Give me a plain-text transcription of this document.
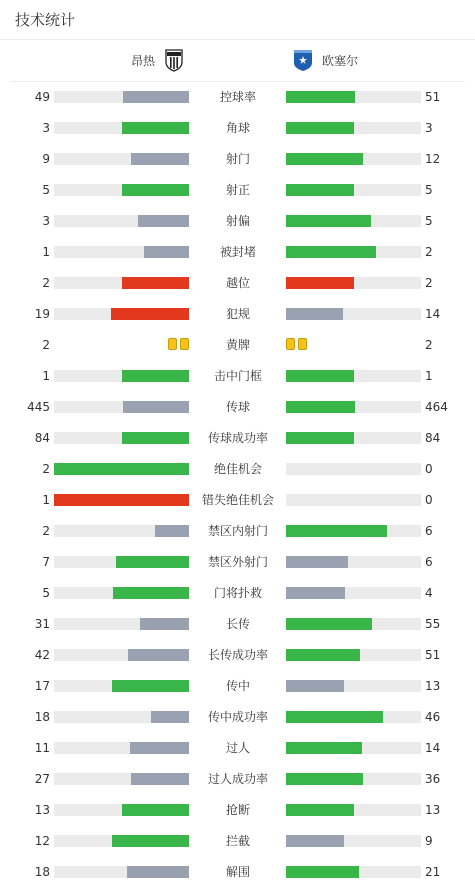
技术统计
昂热	欧塞尔
49	控球率	51
3	角球	3
9	射门	12
5	射正	5
3	射偏	5
1	被封堵	2
2	越位	2
19	犯规	14
2	黄牌	2
1	击中门框	1
445	传球	464
84	传球成功率	84
2	绝佳机会	0
1	错失绝佳机会	0
2	禁区内射门	6
7	禁区外射门	6
5	门将扑救	4
31	长传	55
42	长传成功率	51
17	传中	13
18	传中成功率	46
11	过人	14
27	过人成功率	36
13	抢断	13
12	拦截	9
18	解围	21
